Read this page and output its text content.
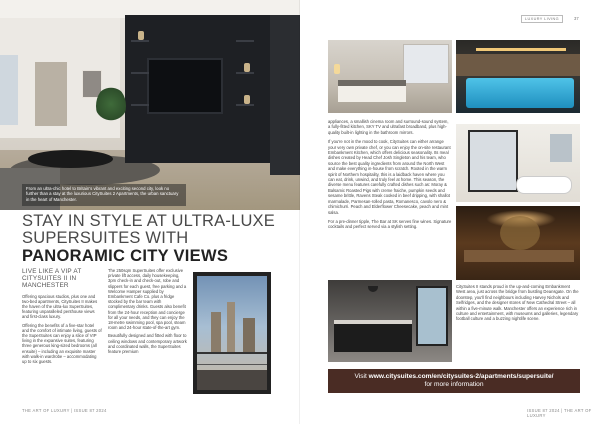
From an ultra-chic hotel to Britain's vibrant and exciting second city, look no further than a stay at the luxurious CitySuites 2 Apartments, the urban sanctuary in the heart of Manchester.

STAY IN STYLE AT ULTRA-LUXE
SUPERSUITES WITH
PANORAMIC CITY VIEWS
LIVE LIKE A VIP AT CITYSUITES II IN MANCHESTER

Offering spacious studios, plus one and two-bed apartments, CitySuites II makes the haven of the ultra-lux SuperSuites, featuring unparalleled penthouse views and first-class luxury.

Offering the benefits of a five-star hotel and the comfort of intimate living, guests of the SuperSuites can enjoy a slice of VIP living in the expansive suites, featuring three generous king-sized bedrooms (all ensuite) – including an exquisite master with walk-in wardrobe – accommodating up to six guests.

The 250sqm SuperSuites offer exclusive private lift access, daily housekeeping, 3pm check-in and check-out, robe and slippers for each guest, free parking and a Welcome Hamper supplied by Embankment Cafe Co. plus a fridge stocked by the bar team with complimentary drinks. Guests also benefit from the 24-hour reception and concierge for all your needs, and they can enjoy the 18-metre swimming pool, spa pool, steam room and 24-hour state-of-the-art gym.

Beautifully designed and fitted with floor to ceiling windows and contemporary artwork and coordinated walls, the SuperSuites feature premium

THE ART OF LUXURY | ISSUE 87 2024
LUXURY LIVING	37

appliances, a smallish cinema room and surround-sound system, a fully-fitted kitchen, SKY TV and ultrafast broadband, plus high-quality built-in lighting in the bathroom mirrors.

If you're not in the mood to cook, CitySuites can either arrange your very own private chef, or you can enjoy the on-site restaurant Embankment Kitchen, which offers delicious seasonality. Its meal dishes created by Head Chef Josh Singleton and his team, who source the best quality ingredients from around the North West and make everything in-house from scratch. Rooted in the warm spirit of Northern hospitality, this is a laidback haven where you can eat, drink, unwind, and truly feel at home. This season, the diverse menu features carefully crafted dishes such as: Moray & Balsamic Roasted Pigs with creme fraiche, pumpkin seeds and sesame brittle, Ravens Steak cooked in beef dripping, with shallot marmalade, Parmesan-rolled pasta, Romanesco, cavolo nero & chimichurri. Peach and Elderflower Cheesecake, peach and mint salsa.

For a pre-dinner tipple, The Bar at SK serves fine wines. Signature cocktails and perfect served via a stylish setting.

CitySuites II stands proud in the up-and-coming Embankment West area, just across the bridge from bustling Deansgate. On the doorstep, you'll find neighbours including Harvey Nichols and Selfridges, and the designer stores of New Cathedral Street – all within a five-minute walk. Manchester offers an experience rich in culture and entertainment, with museums and galleries, legendary football culture and a buzzing nightlife scene.

Visit www.citysuites.com/en/citysuites-2/apartments/supersuite/
for more information
ISSUE 87 2024 | THE ART OF LUXURY
